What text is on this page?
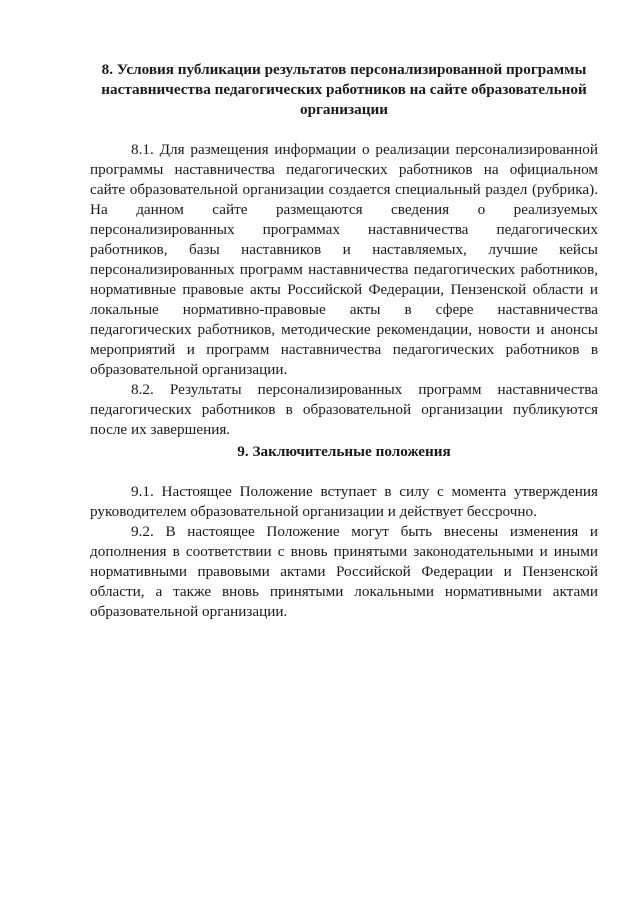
8. Условия публикации результатов персонализированной программы наставничества педагогических работников на сайте образовательной организации

8.1. Для размещения информации о реализации персонализированной программы наставничества педагогических работников на официальном сайте образовательной организации создается специальный раздел (рубрика). На данном сайте размещаются сведения о реализуемых персонализированных программах наставничества педагогических работников, базы наставников и наставляемых, лучшие кейсы персонализированных программ наставничества педагогических работников, нормативные правовые акты Российской Федерации, Пензенской области и локальные нормативно-правовые акты в сфере наставничества педагогических работников, методические рекомендации, новости и анонсы мероприятий и программ наставничества педагогических работников в образовательной организации.

8.2. Результаты персонализированных программ наставничества педагогических работников в образовательной организации публикуются после их завершения.

9. Заключительные положения

9.1. Настоящее Положение вступает в силу с момента утверждения руководителем образовательной организации и действует бессрочно.

9.2. В настоящее Положение могут быть внесены изменения и дополнения в соответствии с вновь принятыми законодательными и иными нормативными правовыми актами Российской Федерации и Пензенской области, а также вновь принятыми локальными нормативными актами образовательной организации.
